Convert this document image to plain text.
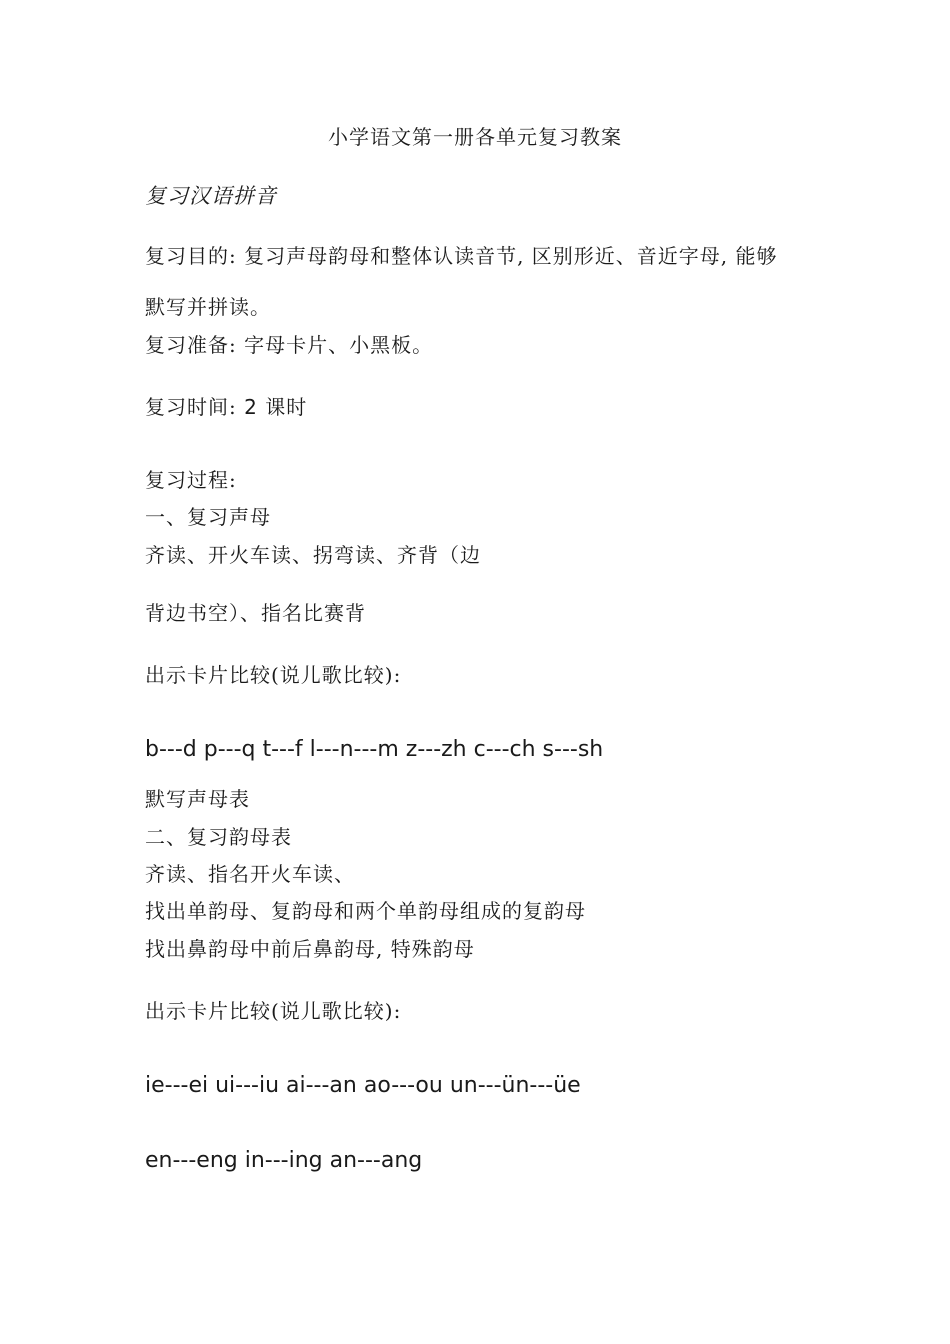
小学语文第一册各单元复习教案
复习汉语拼音
复习目的: 复习声母韵母和整体认读音节, 区别形近、音近字母, 能够
默写并拼读。
复习准备: 字母卡片、小黑板。
复习时间: 2 课时
复习过程:
一、复习声母
齐读、开火车读、拐弯读、齐背（边
背边书空）、指名比赛背
出示卡片比较(说儿歌比较):
b---d p---q t---f l---n---m z---zh c---ch s---sh
默写声母表
二、复习韵母表
齐读、指名开火车读、
找出单韵母、复韵母和两个单韵母组成的复韵母
找出鼻韵母中前后鼻韵母, 特殊韵母
出示卡片比较(说儿歌比较):
ie---ei ui---iu ai---an ao---ou un---ün---üe
en---eng in---ing an---ang
